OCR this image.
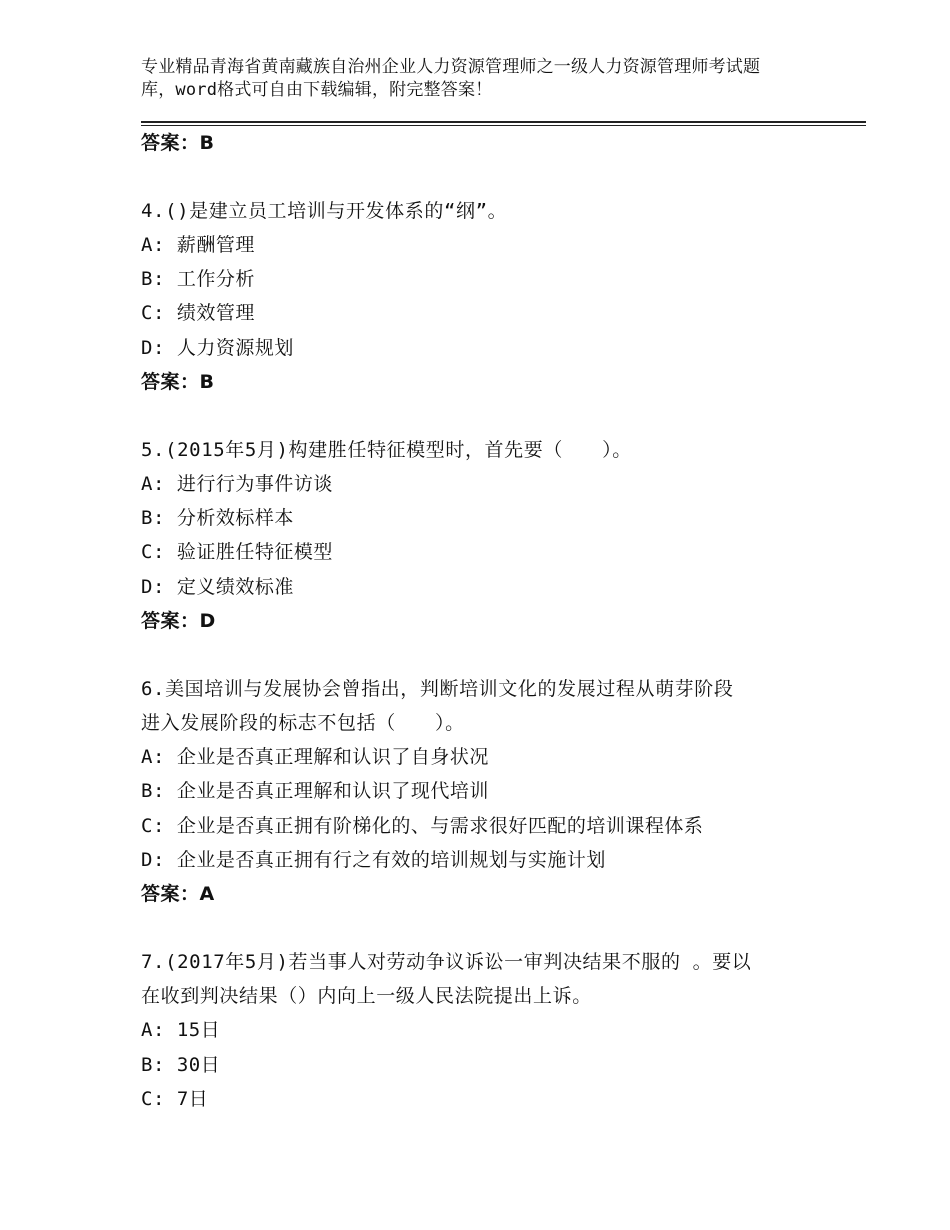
专业精品青海省黄南藏族自治州企业人力资源管理师之一级人力资源管理师考试题
库，word格式可自由下载编辑，附完整答案！
答案：B
4.()是建立员工培训与开发体系的“纲”。
A: 薪酬管理
B: 工作分析
C: 绩效管理
D: 人力资源规划
答案：B
5.(2015年5月)构建胜任特征模型时，首先要（　　）。
A: 进行行为事件访谈
B: 分析效标样本
C: 验证胜任特征模型
D: 定义绩效标准
答案：D
6.美国培训与发展协会曾指出，判断培训文化的发展过程从萌芽阶段
进入发展阶段的标志不包括（　　）。
A: 企业是否真正理解和认识了自身状况
B: 企业是否真正理解和认识了现代培训
C: 企业是否真正拥有阶梯化的、与需求很好匹配的培训课程体系
D: 企业是否真正拥有行之有效的培训规划与实施计划
答案：A
7.(2017年5月)若当事人对劳动争议诉讼一审判决结果不服的 。要以
在收到判决结果（）内向上一级人民法院提出上诉。
A: 15日
B: 30日
C: 7日
